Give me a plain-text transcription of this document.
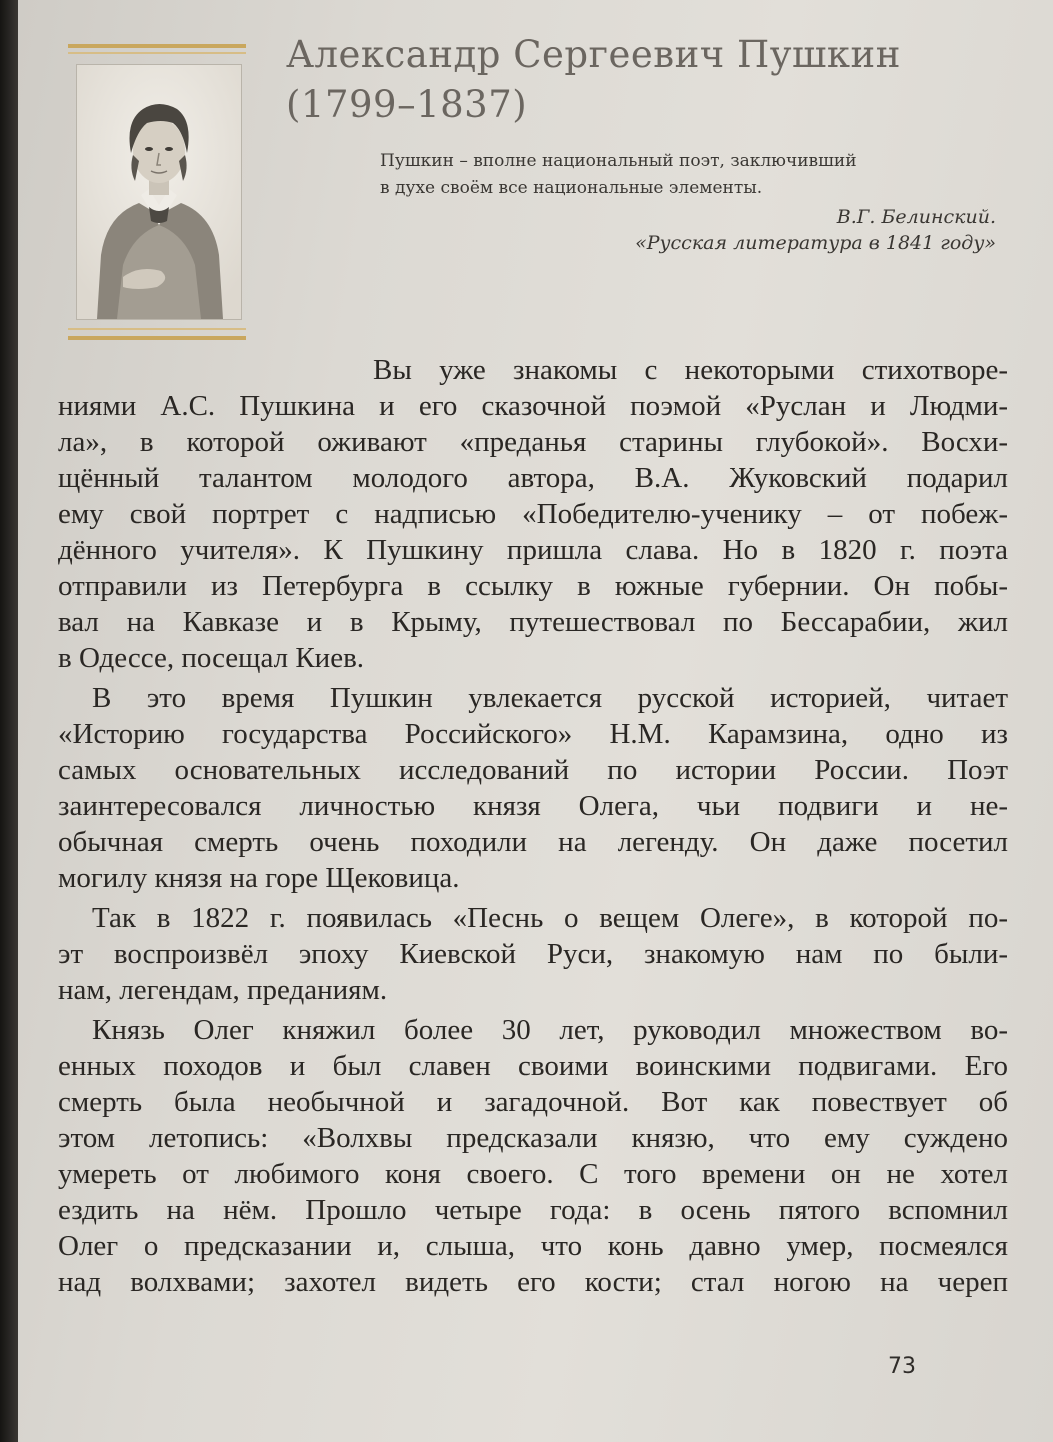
Александр Сергеевич Пушкин
(1799–1837)
Пушкин – вполне национальный поэт, заключивший
в духе своём все национальные элементы.
В.Г. Белинский.
«Русская литература в 1841 году»
Вы уже знакомы с некоторыми стихотворе-
ниями А.С. Пушкина и его сказочной поэмой «Руслан и Людми-
ла», в которой оживают «преданья старины глубокой». Восхи-
щённый талантом молодого автора, В.А. Жуковский подарил
ему свой портрет с надписью «Победителю-ученику – от побеж-
дённого учителя». К Пушкину пришла слава. Но в 1820 г. поэта
отправили из Петербурга в ссылку в южные губернии. Он побы-
вал на Кавказе и в Крыму, путешествовал по Бессарабии, жил
в Одессе, посещал Киев.
В это время Пушкин увлекается русской историей, читает
«Историю государства Российского» Н.М. Карамзина, одно из
самых основательных исследований по истории России. Поэт
заинтересовался личностью князя Олега, чьи подвиги и не-
обычная смерть очень походили на легенду. Он даже посетил
могилу князя на горе Щековица.
Так в 1822 г. появилась «Песнь о вещем Олеге», в которой по-
эт воспроизвёл эпоху Киевской Руси, знакомую нам по были-
нам, легендам, преданиям.
Князь Олег княжил более 30 лет, руководил множеством во-
енных походов и был славен своими воинскими подвигами. Его
смерть была необычной и загадочной. Вот как повествует об
этом летопись: «Волхвы предсказали князю, что ему суждено
умереть от любимого коня своего. С того времени он не хотел
ездить на нём. Прошло четыре года: в осень пятого вспомнил
Олег о предсказании и, слыша, что конь давно умер, посмеялся
над волхвами; захотел видеть его кости; стал ногою на череп
73
